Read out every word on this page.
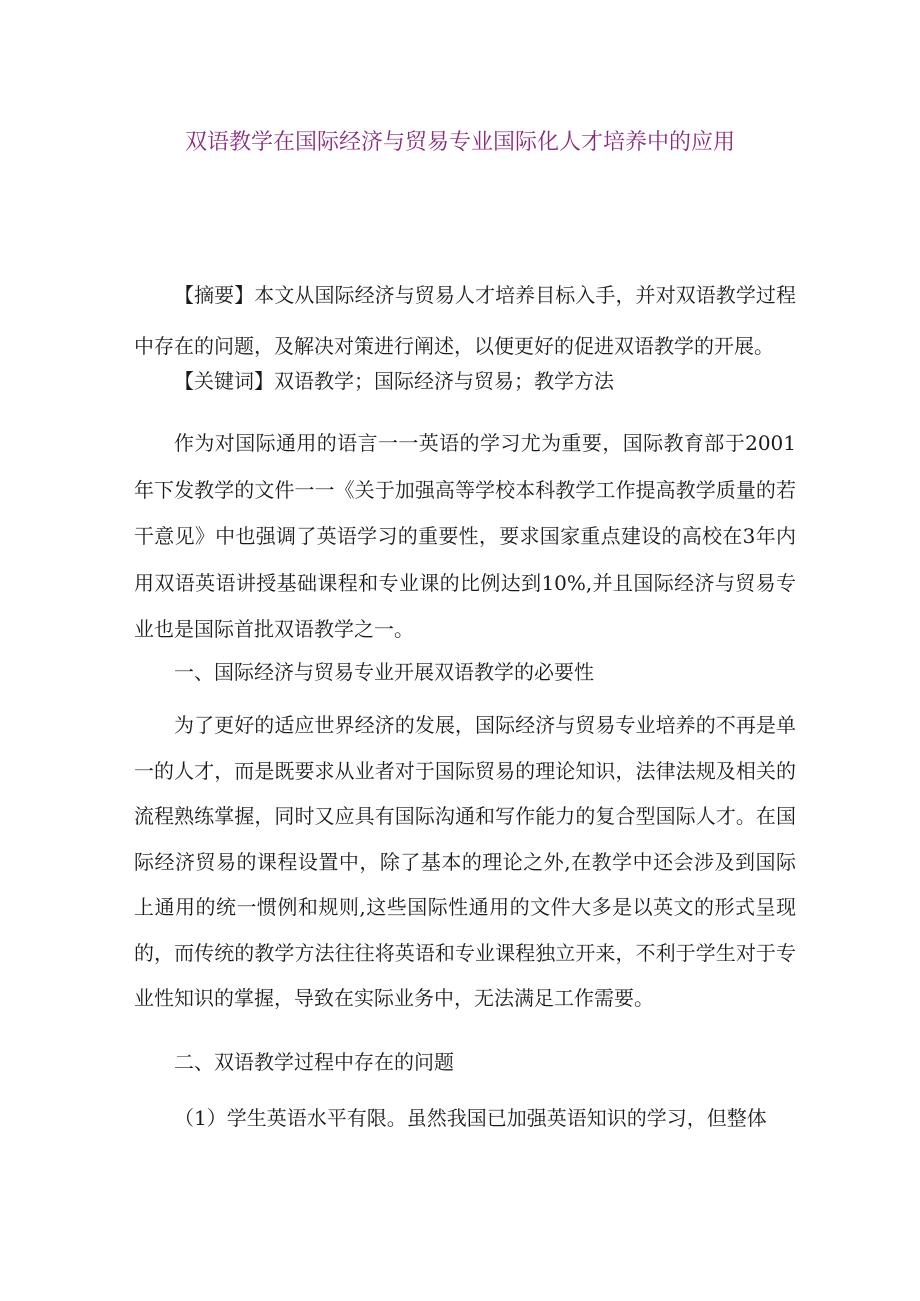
双语教学在国际经济与贸易专业国际化人才培养中的应用

【摘要】本文从国际经济与贸易人才培养目标入手，并对双语教学过程中存在的问题，及解决对策进行阐述，以便更好的促进双语教学的开展。

【关键词】双语教学；国际经济与贸易；教学方法

作为对国际通用的语言一一英语的学习尤为重要，国际教育部于2001年下发教学的文件一一《关于加强高等学校本科教学工作提高教学质量的若干意见》中也强调了英语学习的重要性，要求国家重点建设的高校在3年内用双语英语讲授基础课程和专业课的比例达到10%,并且国际经济与贸易专业也是国际首批双语教学之一。

一、国际经济与贸易专业开展双语教学的必要性

为了更好的适应世界经济的发展，国际经济与贸易专业培养的不再是单一的人才，而是既要求从业者对于国际贸易的理论知识，法律法规及相关的流程熟练掌握，同时又应具有国际沟通和写作能力的复合型国际人才。在国际经济贸易的课程设置中，除了基本的理论之外,在教学中还会涉及到国际上通用的统一惯例和规则,这些国际性通用的文件大多是以英文的形式呈现的，而传统的教学方法往往将英语和专业课程独立开来，不利于学生对于专业性知识的掌握，导致在实际业务中，无法满足工作需要。

二、双语教学过程中存在的问题

（1）学生英语水平有限。虽然我国已加强英语知识的学习，但整体
